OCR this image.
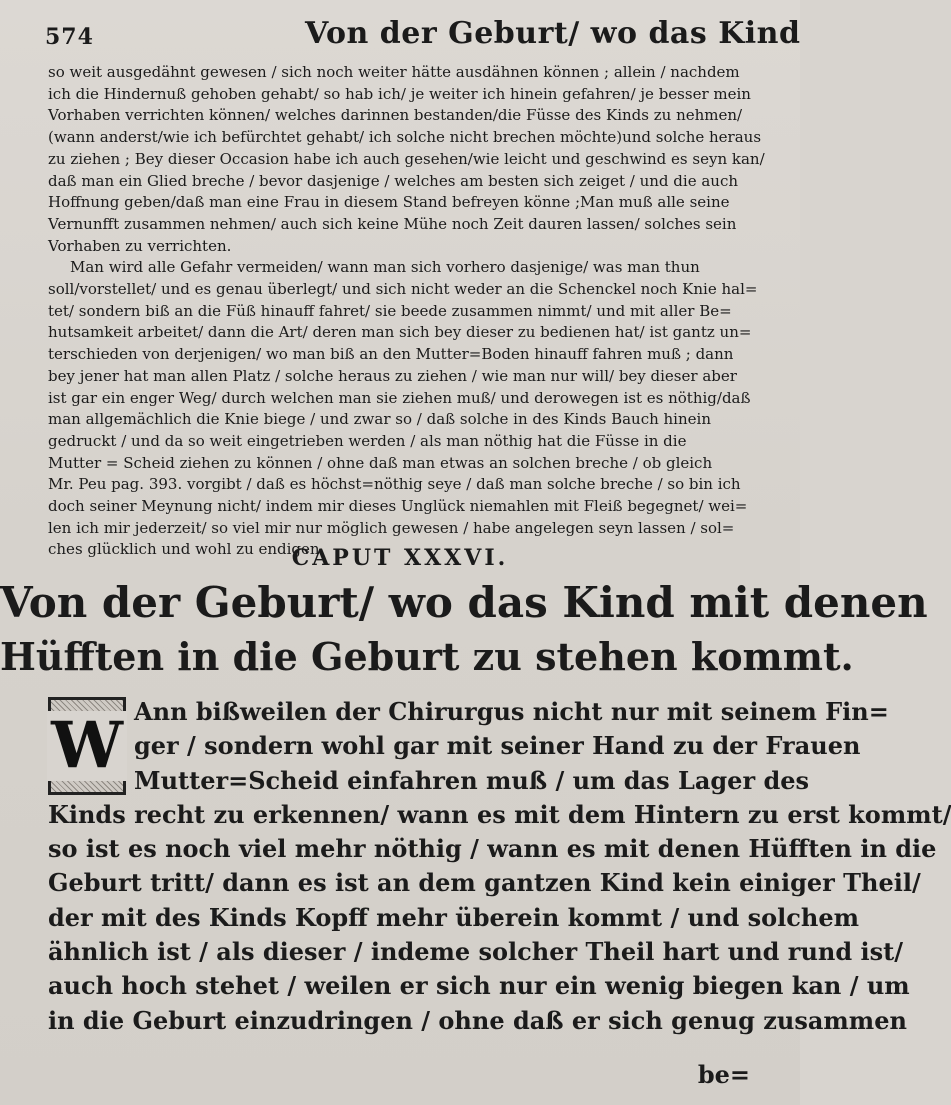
574	Von der Geburt/ wo das Kind

so weit ausgedähnt gewesen / sich noch weiter hätte ausdähnen können ; allein / nachdem

ich die Hindernuß gehoben gehabt/ so hab ich/ je weiter ich hinein gefahren/ je besser mein

Vorhaben verrichten können/ welches darinnen bestanden/die Füsse des Kinds zu nehmen/

(wann anderst/wie ich befürchtet gehabt/ ich solche nicht brechen möchte)und solche heraus

zu ziehen ; Bey dieser Occasion habe ich auch gesehen/wie leicht und geschwind es seyn kan/

daß man ein Glied breche / bevor dasjenige / welches am besten sich zeiget / und die auch

Hoffnung geben/daß man eine Frau in diesem Stand befreyen könne ;Man muß alle seine

Vernunfft zusammen nehmen/ auch sich keine Mühe noch Zeit dauren lassen/ solches sein

Vorhaben zu verrichten.

Man wird alle Gefahr vermeiden/ wann man sich vorhero dasjenige/ was man thun

soll/vorstellet/ und es genau überlegt/ und sich nicht weder an die Schenckel noch Knie hal=

tet/ sondern biß an die Füß hinauff fahret/ sie beede zusammen nimmt/ und mit aller Be=

hutsamkeit arbeitet/ dann die Art/ deren man sich bey dieser zu bedienen hat/ ist gantz un=

terschieden von derjenigen/ wo man biß an den Mutter=Boden hinauff fahren muß ; dann

bey jener hat man allen Platz / solche heraus zu ziehen / wie man nur will/ bey dieser aber

ist gar ein enger Weg/ durch welchen man sie ziehen muß/ und derowegen ist es nöthig/daß

man allgemächlich die Knie biege / und zwar so / daß solche in des Kinds Bauch hinein

gedruckt / und da so weit eingetrieben werden / als man nöthig hat die Füsse in die

Mutter = Scheid ziehen zu können / ohne daß man etwas an solchen breche / ob gleich

Mr. Peu pag. 393. vorgibt / daß es höchst=nöthig seye / daß man solche breche / so bin ich

doch seiner Meynung nicht/ indem mir dieses Unglück niemahlen mit Fleiß begegnet/ wei=

len ich mir jederzeit/ so viel mir nur möglich gewesen / habe angelegen seyn lassen / sol=

ches glücklich und wohl zu endigen.

CAPUT XXXVI.
Von der Geburt/ wo das Kind mit denen
Hüfften in die Geburt zu stehen kommt.
W Ann bißweilen der Chirurgus nicht nur mit seinem Fin=

ger / sondern wohl gar mit seiner Hand zu der Frauen

Mutter=Scheid einfahren muß / um das Lager des

Kinds recht zu erkennen/ wann es mit dem Hintern zu erst kommt/

so ist es noch viel mehr nöthig / wann es mit denen Hüfften in die

Geburt tritt/ dann es ist an dem gantzen Kind kein einiger Theil/

der mit des Kinds Kopff mehr überein kommt / und solchem

ähnlich ist / als dieser / indeme solcher Theil hart und rund ist/

auch hoch stehet / weilen er sich nur ein wenig biegen kan / um

in die Geburt einzudringen / ohne daß er sich genug zusammen

be=
